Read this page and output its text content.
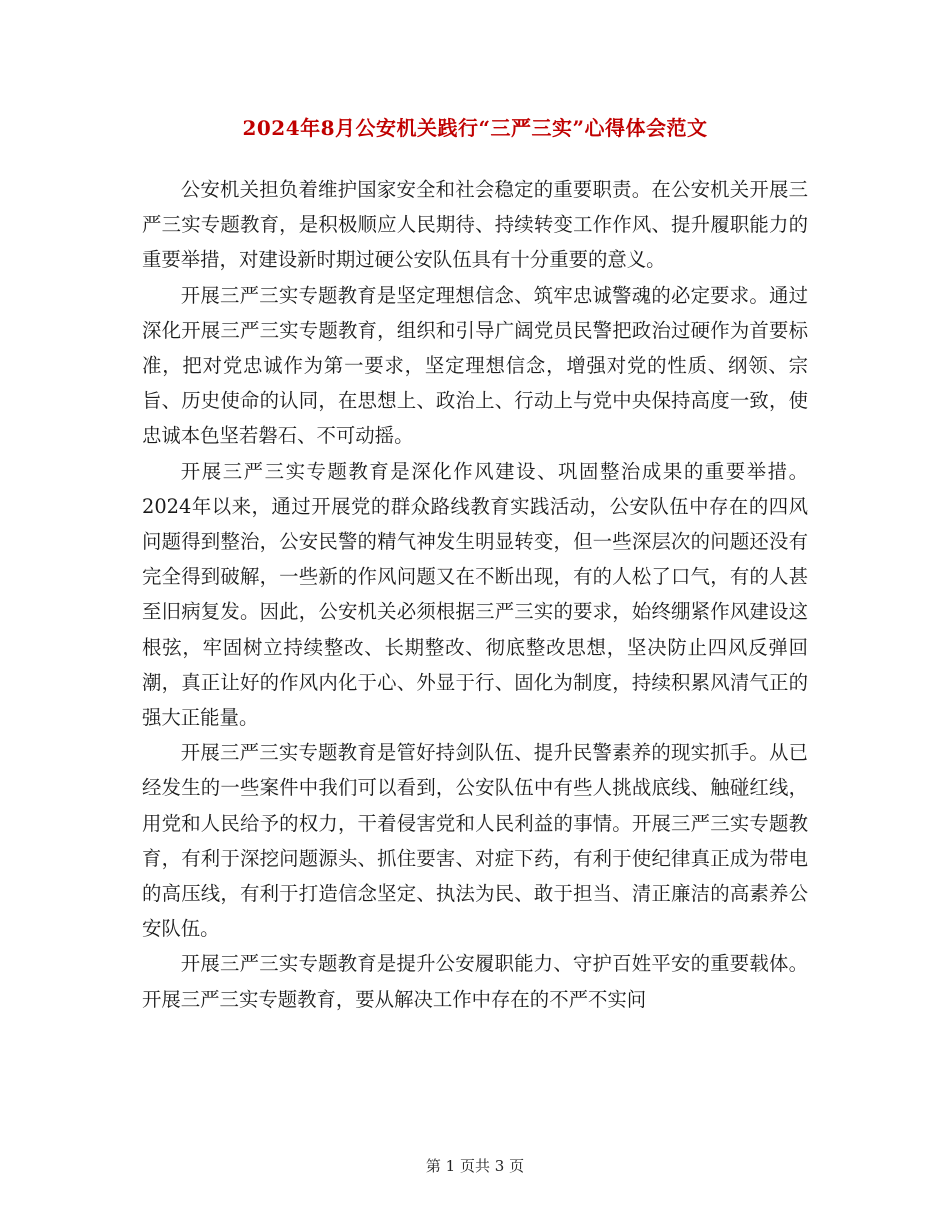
2024年8月公安机关践行“三严三实”心得体会范文

公安机关担负着维护国家安全和社会稳定的重要职责。在公安机关开展三严三实专题教育，是积极顺应人民期待、持续转变工作作风、提升履职能力的重要举措，对建设新时期过硬公安队伍具有十分重要的意义。

开展三严三实专题教育是坚定理想信念、筑牢忠诚警魂的必定要求。通过深化开展三严三实专题教育，组织和引导广阔党员民警把政治过硬作为首要标准，把对党忠诚作为第一要求，坚定理想信念，增强对党的性质、纲领、宗旨、历史使命的认同，在思想上、政治上、行动上与党中央保持高度一致，使忠诚本色坚若磐石、不可动摇。

开展三严三实专题教育是深化作风建设、巩固整治成果的重要举措。2024年以来，通过开展党的群众路线教育实践活动，公安队伍中存在的四风问题得到整治，公安民警的精气神发生明显转变，但一些深层次的问题还没有完全得到破解，一些新的作风问题又在不断出现，有的人松了口气，有的人甚至旧病复发。因此，公安机关必须根据三严三实的要求，始终绷紧作风建设这根弦，牢固树立持续整改、长期整改、彻底整改思想，坚决防止四风反弹回潮，真正让好的作风内化于心、外显于行、固化为制度，持续积累风清气正的强大正能量。

开展三严三实专题教育是管好持剑队伍、提升民警素养的现实抓手。从已经发生的一些案件中我们可以看到，公安队伍中有些人挑战底线、触碰红线，用党和人民给予的权力，干着侵害党和人民利益的事情。开展三严三实专题教育，有利于深挖问题源头、抓住要害、对症下药，有利于使纪律真正成为带电的高压线，有利于打造信念坚定、执法为民、敢于担当、清正廉洁的高素养公安队伍。

开展三严三实专题教育是提升公安履职能力、守护百姓平安的重要载体。开展三严三实专题教育，要从解决工作中存在的不严不实问

第 1 页共 3 页
